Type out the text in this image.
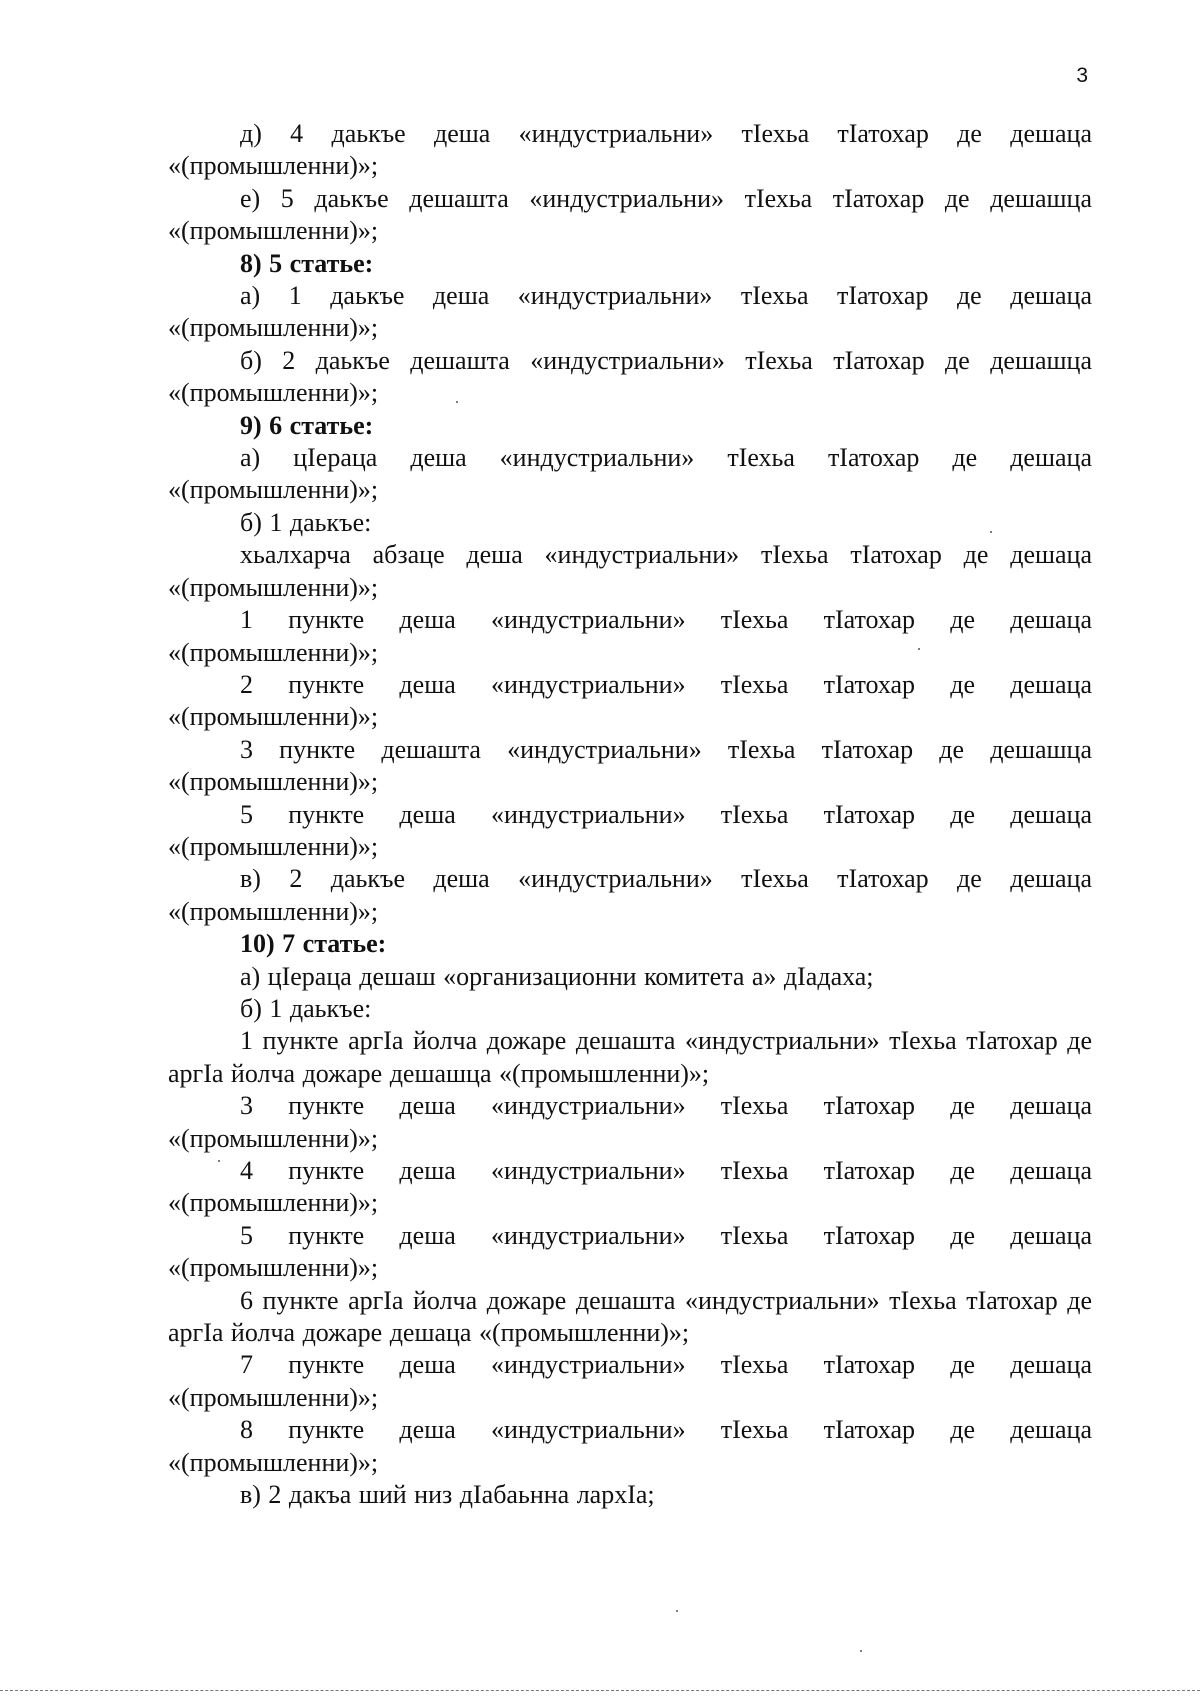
3

д) 4 даькъе деша «индустриальни» тIехьа тIатохар де дешаца «(промышленни)»;

е) 5 даькъе дешашта «индустриальни» тIехьа тIатохар де дешашца «(промышленни)»;

8) 5 статье:

а) 1 даькъе деша «индустриальни» тIехьа тIатохар де дешаца «(промышленни)»;

б) 2 даькъе дешашта «индустриальни» тIехьа тIатохар де дешашца «(промышленни)»;

9) 6 статье:

а) цIераца деша «индустриальни» тIехьа тIатохар де дешаца «(промышленни)»;

б) 1 даькъе:

хьалхарча абзаце деша «индустриальни» тIехьа тIатохар де дешаца «(промышленни)»;

1 пункте деша «индустриальни» тIехьа тIатохар де дешаца «(промышленни)»;

2 пункте деша «индустриальни» тIехьа тIатохар де дешаца «(промышленни)»;

3 пункте дешашта «индустриальни» тIехьа тIатохар де дешашца «(промышленни)»;

5 пункте деша «индустриальни» тIехьа тIатохар де дешаца «(промышленни)»;

в) 2 даькъе деша «индустриальни» тIехьа тIатохар де дешаца «(промышленни)»;

10) 7 статье:

а) цIераца дешаш «организационни комитета а» дIадаха;

б) 1 даькъе:

1 пункте аргIа йолча дожаре дешашта «индустриальни» тIехьа тIатохар де аргIа йолча дожаре дешашца «(промышленни)»;

3 пункте деша «индустриальни» тIехьа тIатохар де дешаца «(промышленни)»;

4 пункте деша «индустриальни» тIехьа тIатохар де дешаца «(промышленни)»;

5 пункте деша «индустриальни» тIехьа тIатохар де дешаца «(промышленни)»;

6 пункте аргIа йолча дожаре дешашта «индустриальни» тIехьа тIатохар де аргIа йолча дожаре дешаца «(промышленни)»;

7 пункте деша «индустриальни» тIехьа тIатохар де дешаца «(промышленни)»;

8 пункте деша «индустриальни» тIехьа тIатохар де дешаца «(промышленни)»;

в) 2 дакъа ший низ дIабаьнна лархIа;
